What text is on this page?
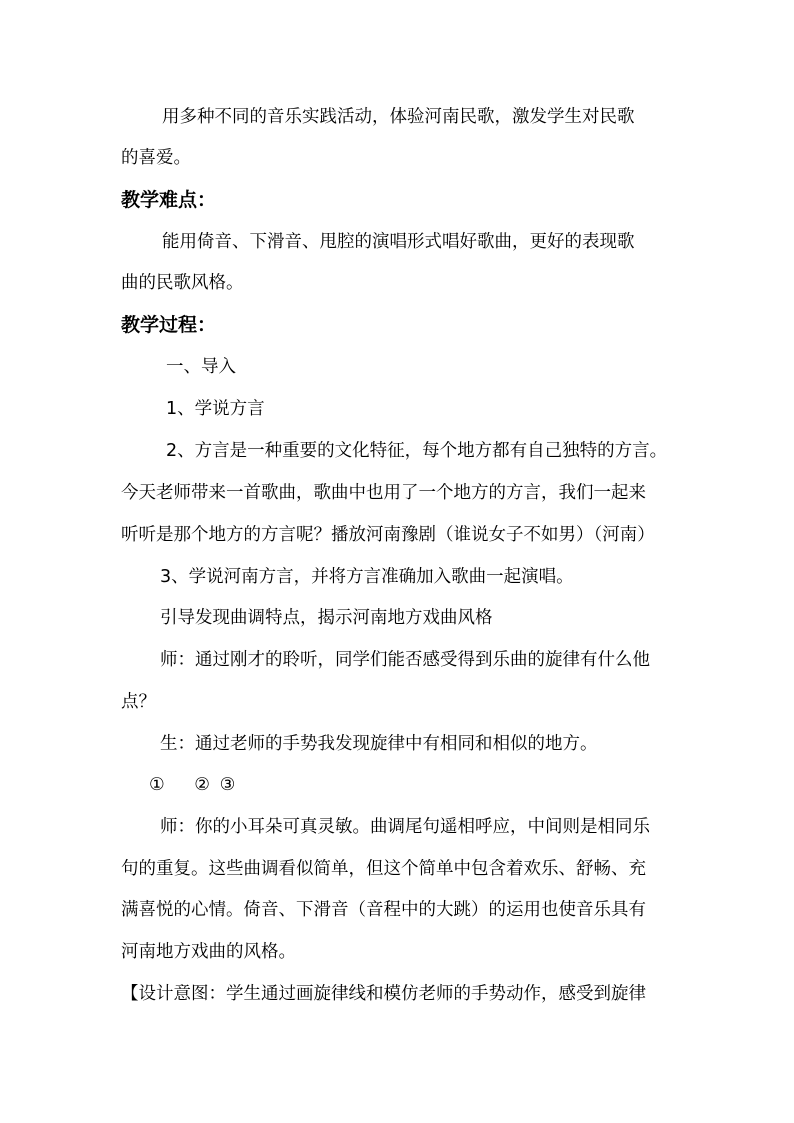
用多种不同的音乐实践活动，体验河南民歌，激发学生对民歌
的喜爱。
教学难点：
能用倚音、下滑音、甩腔的演唱形式唱好歌曲，更好的表现歌
曲的民歌风格。
教学过程：
一、导入
1、学说方言
2、方言是一种重要的文化特征，每个地方都有自己独特的方言。
今天老师带来一首歌曲，歌曲中也用了一个地方的方言，我们一起来
听听是那个地方的方言呢？播放河南豫剧（谁说女子不如男）（河南）
3、学说河南方言，并将方言准确加入歌曲一起演唱。
引导发现曲调特点，揭示河南地方戏曲风格
师：通过刚才的聆听，同学们能否感受得到乐曲的旋律有什么他
点？
生：通过老师的手势我发现旋律中有相同和相似的地方。
① ② ③
师：你的小耳朵可真灵敏。曲调尾句遥相呼应，中间则是相同乐
句的重复。这些曲调看似简单，但这个简单中包含着欢乐、舒畅、充
满喜悦的心情。倚音、下滑音（音程中的大跳）的运用也使音乐具有
河南地方戏曲的风格。
【设计意图：学生通过画旋律线和模仿老师的手势动作，感受到旋律
